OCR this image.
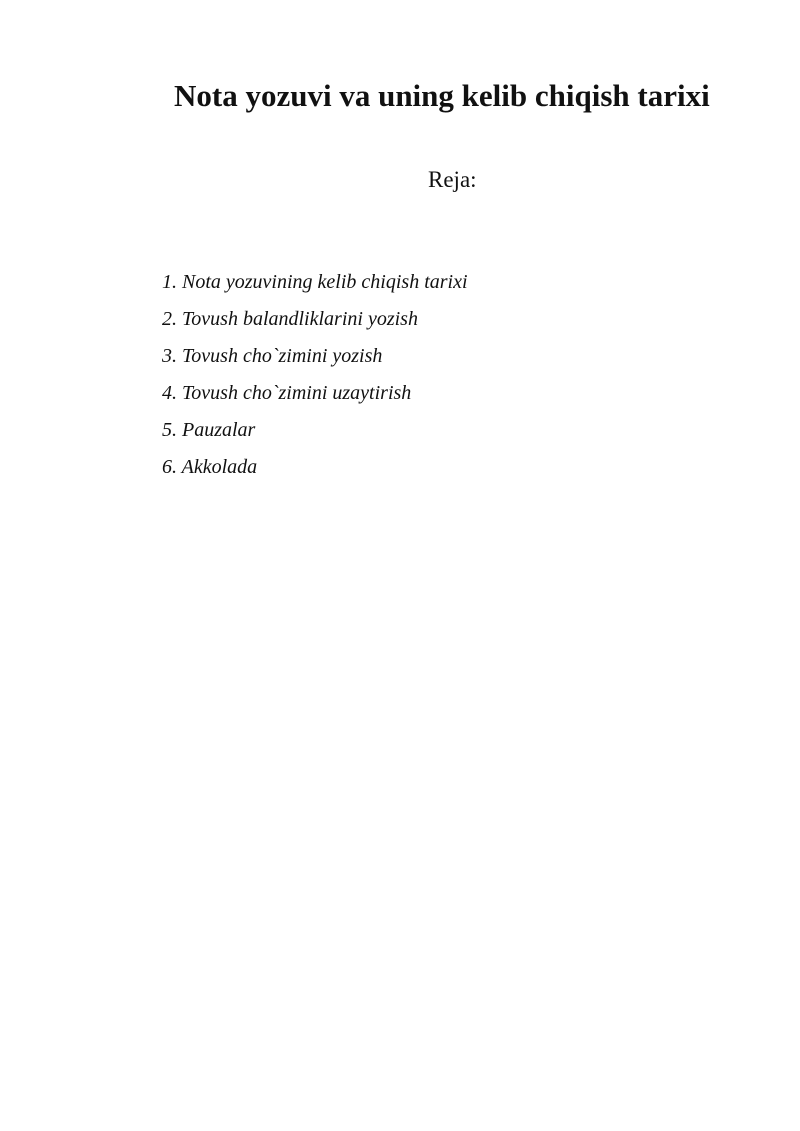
Nota yozuvi va uning kelib chiqish tarixi
Reja:
1. Nota yozuvining kelib chiqish tarixi
2. Tovush balandliklarini yozish
3. Tovush cho`zimini yozish
4. Tovush cho`zimini uzaytirish
5. Pauzalar
6. Akkolada
